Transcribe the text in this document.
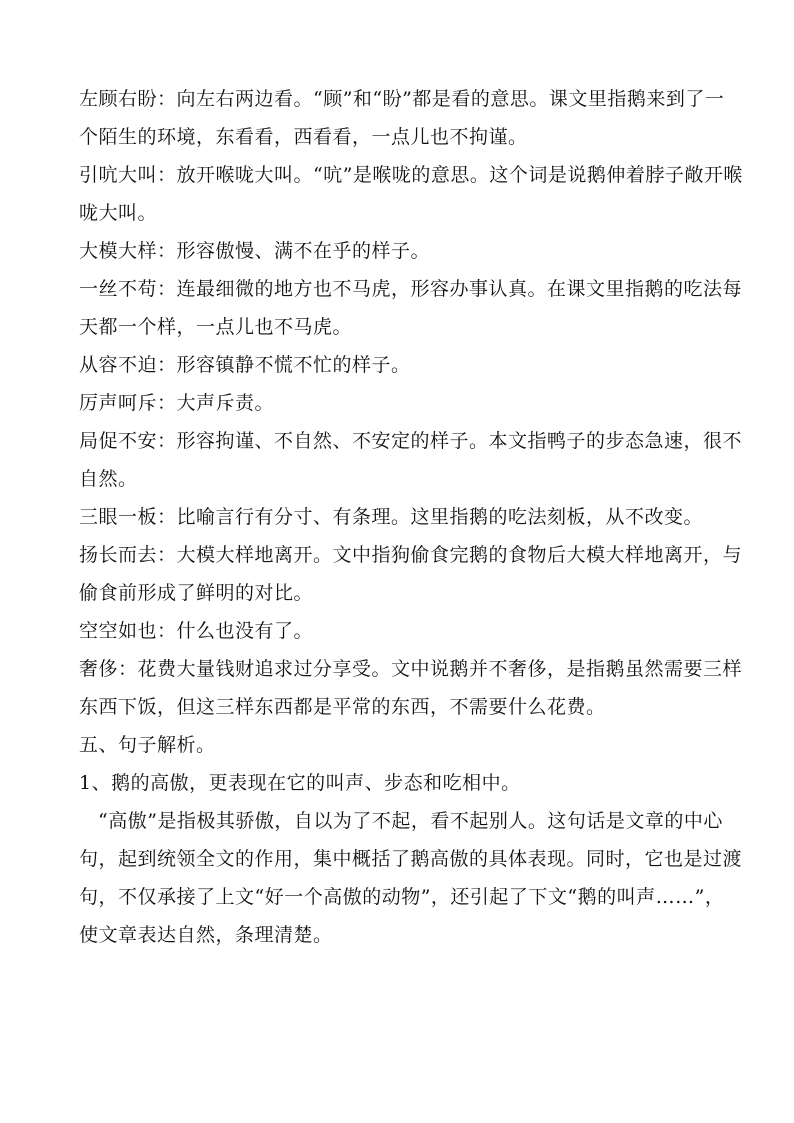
左顾右盼：向左右两边看。“顾”和“盼”都是看的意思。课文里指鹅来到了一
个陌生的环境，东看看，西看看，一点儿也不拘谨。
引吭大叫：放开喉咙大叫。“吭”是喉咙的意思。这个词是说鹅伸着脖子敞开喉
咙大叫。
大模大样：形容傲慢、满不在乎的样子。
一丝不苟：连最细微的地方也不马虎，形容办事认真。在课文里指鹅的吃法每
天都一个样，一点儿也不马虎。
从容不迫：形容镇静不慌不忙的样子。
厉声呵斥：大声斥责。
局促不安：形容拘谨、不自然、不安定的样子。本文指鸭子的步态急速，很不
自然。
三眼一板：比喻言行有分寸、有条理。这里指鹅的吃法刻板，从不改变。
扬长而去：大模大样地离开。文中指狗偷食完鹅的食物后大模大样地离开，与
偷食前形成了鲜明的对比。
空空如也：什么也没有了。
奢侈：花费大量钱财追求过分享受。文中说鹅并不奢侈，是指鹅虽然需要三样
东西下饭，但这三样东西都是平常的东西，不需要什么花费。
五、句子解析。
1、鹅的高傲，更表现在它的叫声、步态和吃相中。
“高傲”是指极其骄傲，自以为了不起，看不起别人。这句话是文章的中心
句，起到统领全文的作用，集中概括了鹅高傲的具体表现。同时，它也是过渡
句，不仅承接了上文“好一个高傲的动物”，还引起了下文“鹅的叫声……”，
使文章表达自然，条理清楚。
